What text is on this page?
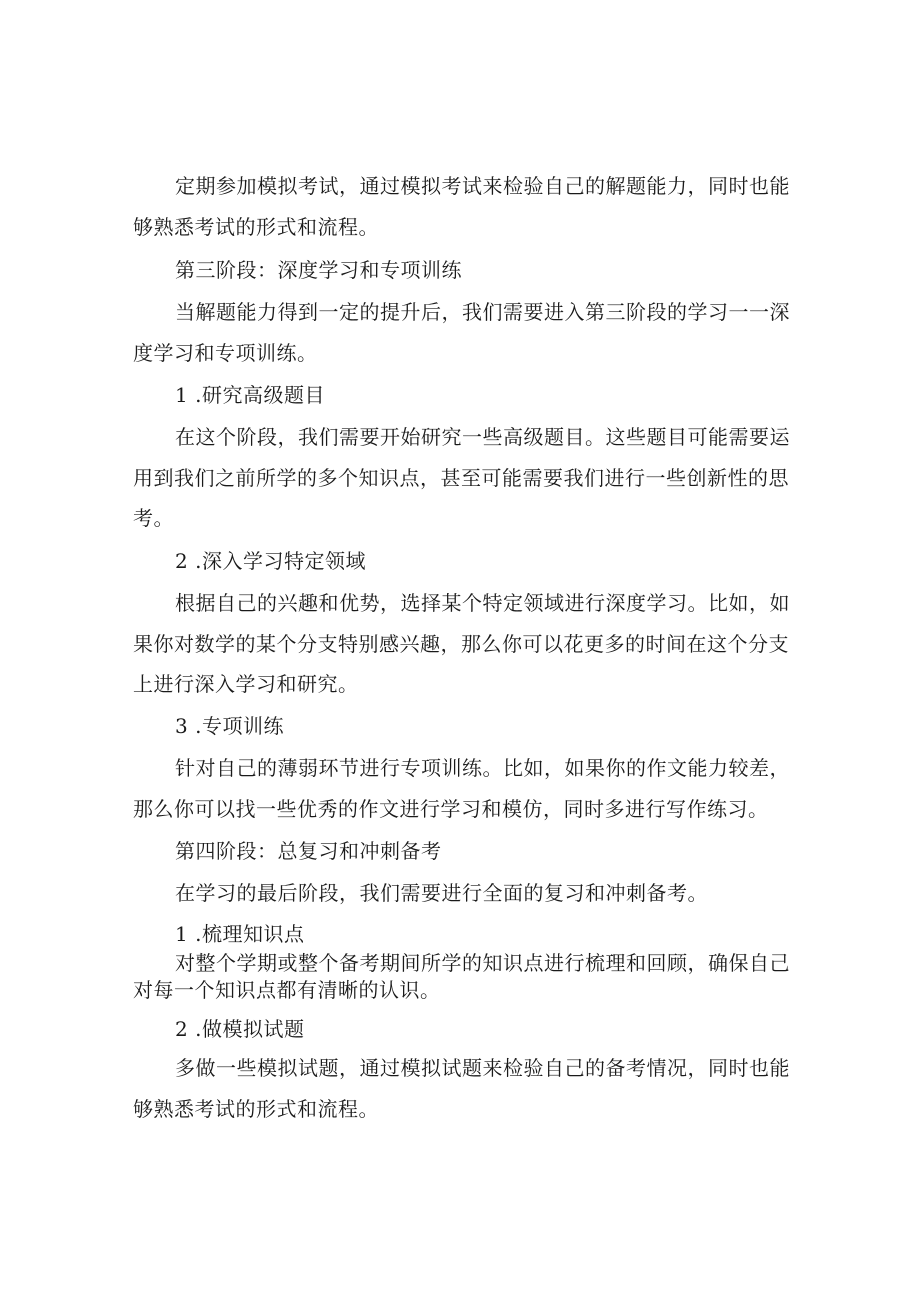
定期参加模拟考试，通过模拟考试来检验自己的解题能力，同时也能
够熟悉考试的形式和流程。
第三阶段：深度学习和专项训练
当解题能力得到一定的提升后，我们需要进入第三阶段的学习一一深
度学习和专项训练。
1 .研究高级题目
在这个阶段，我们需要开始研究一些高级题目。这些题目可能需要运
用到我们之前所学的多个知识点，甚至可能需要我们进行一些创新性的思
考。
2 .深入学习特定领域
根据自己的兴趣和优势，选择某个特定领域进行深度学习。比如，如
果你对数学的某个分支特别感兴趣，那么你可以花更多的时间在这个分支
上进行深入学习和研究。
3 .专项训练
针对自己的薄弱环节进行专项训练。比如，如果你的作文能力较差，
那么你可以找一些优秀的作文进行学习和模仿，同时多进行写作练习。
第四阶段：总复习和冲刺备考
在学习的最后阶段，我们需要进行全面的复习和冲刺备考。
1 .梳理知识点
对整个学期或整个备考期间所学的知识点进行梳理和回顾，确保自己
对每一个知识点都有清晰的认识。
2 .做模拟试题
多做一些模拟试题，通过模拟试题来检验自己的备考情况，同时也能
够熟悉考试的形式和流程。
